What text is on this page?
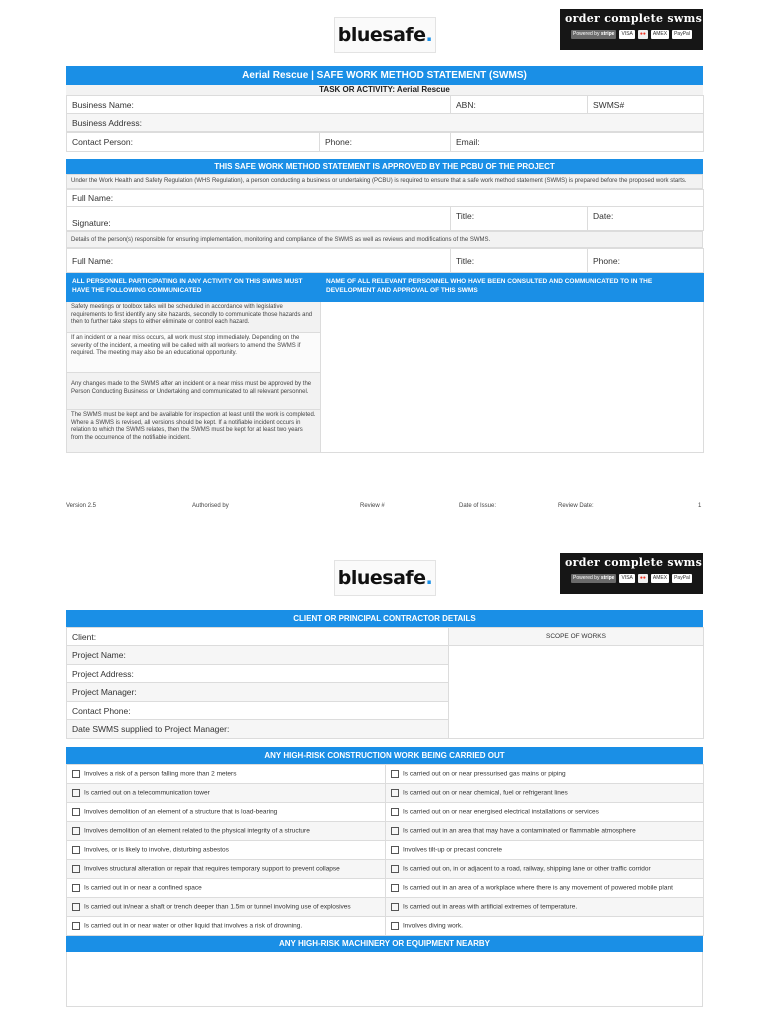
bluesafe .
order complete swms
Powered by stripe	VISA	●●	AMEX	PayPal
Aerial Rescue | SAFE WORK METHOD STATEMENT (SWMS)
TASK OR ACTIVITY: Aerial Rescue
Business Name:	ABN:	SWMS#
Business Address:
Contact Person:	Phone:	Email:
THIS SAFE WORK METHOD STATEMENT IS APPROVED BY THE PCBU OF THE PROJECT
Under the Work Health and Safety Regulation (WHS Regulation), a person conducting a business or undertaking (PCBU) is required to ensure that a safe work method statement (SWMS) is prepared before the proposed work starts.
Full Name:
Signature:	Title:	Date:
Details of the person(s) responsible for ensuring implementation, monitoring and compliance of the SWMS as well as reviews and modifications of the SWMS.
Full Name:	Title:	Phone:
ALL PERSONNEL PARTICIPATING IN ANY ACTIVITY ON THIS SWMS MUST HAVE THE FOLLOWING COMMUNICATED	NAME OF ALL RELEVANT PERSONNEL WHO HAVE BEEN CONSULTED AND COMMUNICATED TO IN THE DEVELOPMENT AND APPROVAL OF THIS SWMS
Safety meetings or toolbox talks will be scheduled in accordance with legislative requirements to first identify any site hazards, secondly to communicate those hazards and then to further take steps to either eliminate or control each hazard.	
If an incident or a near miss occurs, all work must stop immediately. Depending on the severity of the incident, a meeting will be called with all workers to amend the SWMS if required. The meeting may also be an educational opportunity.	
Any changes made to the SWMS after an incident or a near miss must be approved by the Person Conducting Business or Undertaking and communicated to all relevant personnel.	
The SWMS must be kept and be available for inspection at least until the work is completed. Where a SWMS is revised, all versions should be kept. If a notifiable incident occurs in relation to which the SWMS relates, then the SWMS must be kept for at least two years from the occurrence of the notifiable incident.	
Version 2.5	Authorised by	Review #	Date of Issue:	Review Date:	1
bluesafe .
order complete swms
Powered by stripe	VISA	●●	AMEX	PayPal
CLIENT OR PRINCIPAL CONTRACTOR DETAILS
Client:	SCOPE OF WORKS
Project Name:	
Project Address:	
Project Manager:	
Contact Phone:	
Date SWMS supplied to Project Manager:	
ANY HIGH-RISK CONSTRUCTION WORK BEING CARRIED OUT
Involves a risk of a person falling more than 2 meters	Is carried out on or near pressurised gas mains or piping
Is carried out on a telecommunication tower	Is carried out on or near chemical, fuel or refrigerant lines
Involves demolition of an element of a structure that is load-bearing	Is carried out on or near energised electrical installations or services
Involves demolition of an element related to the physical integrity of a structure	Is carried out in an area that may have a contaminated or flammable atmosphere
Involves, or is likely to involve, disturbing asbestos	Involves tilt-up or precast concrete
Involves structural alteration or repair that requires temporary support to prevent collapse	Is carried out on, in or adjacent to a road, railway, shipping lane or other traffic corridor
Is carried out in or near a confined space	Is carried out in an area of a workplace where there is any movement of powered mobile plant
Is carried out in/near a shaft or trench deeper than 1.5m or tunnel involving use of explosives	Is carried out in areas with artificial extremes of temperature.
Is carried out in or near water or other liquid that involves a risk of drowning.	Involves diving work.
ANY HIGH-RISK MACHINERY OR EQUIPMENT NEARBY
